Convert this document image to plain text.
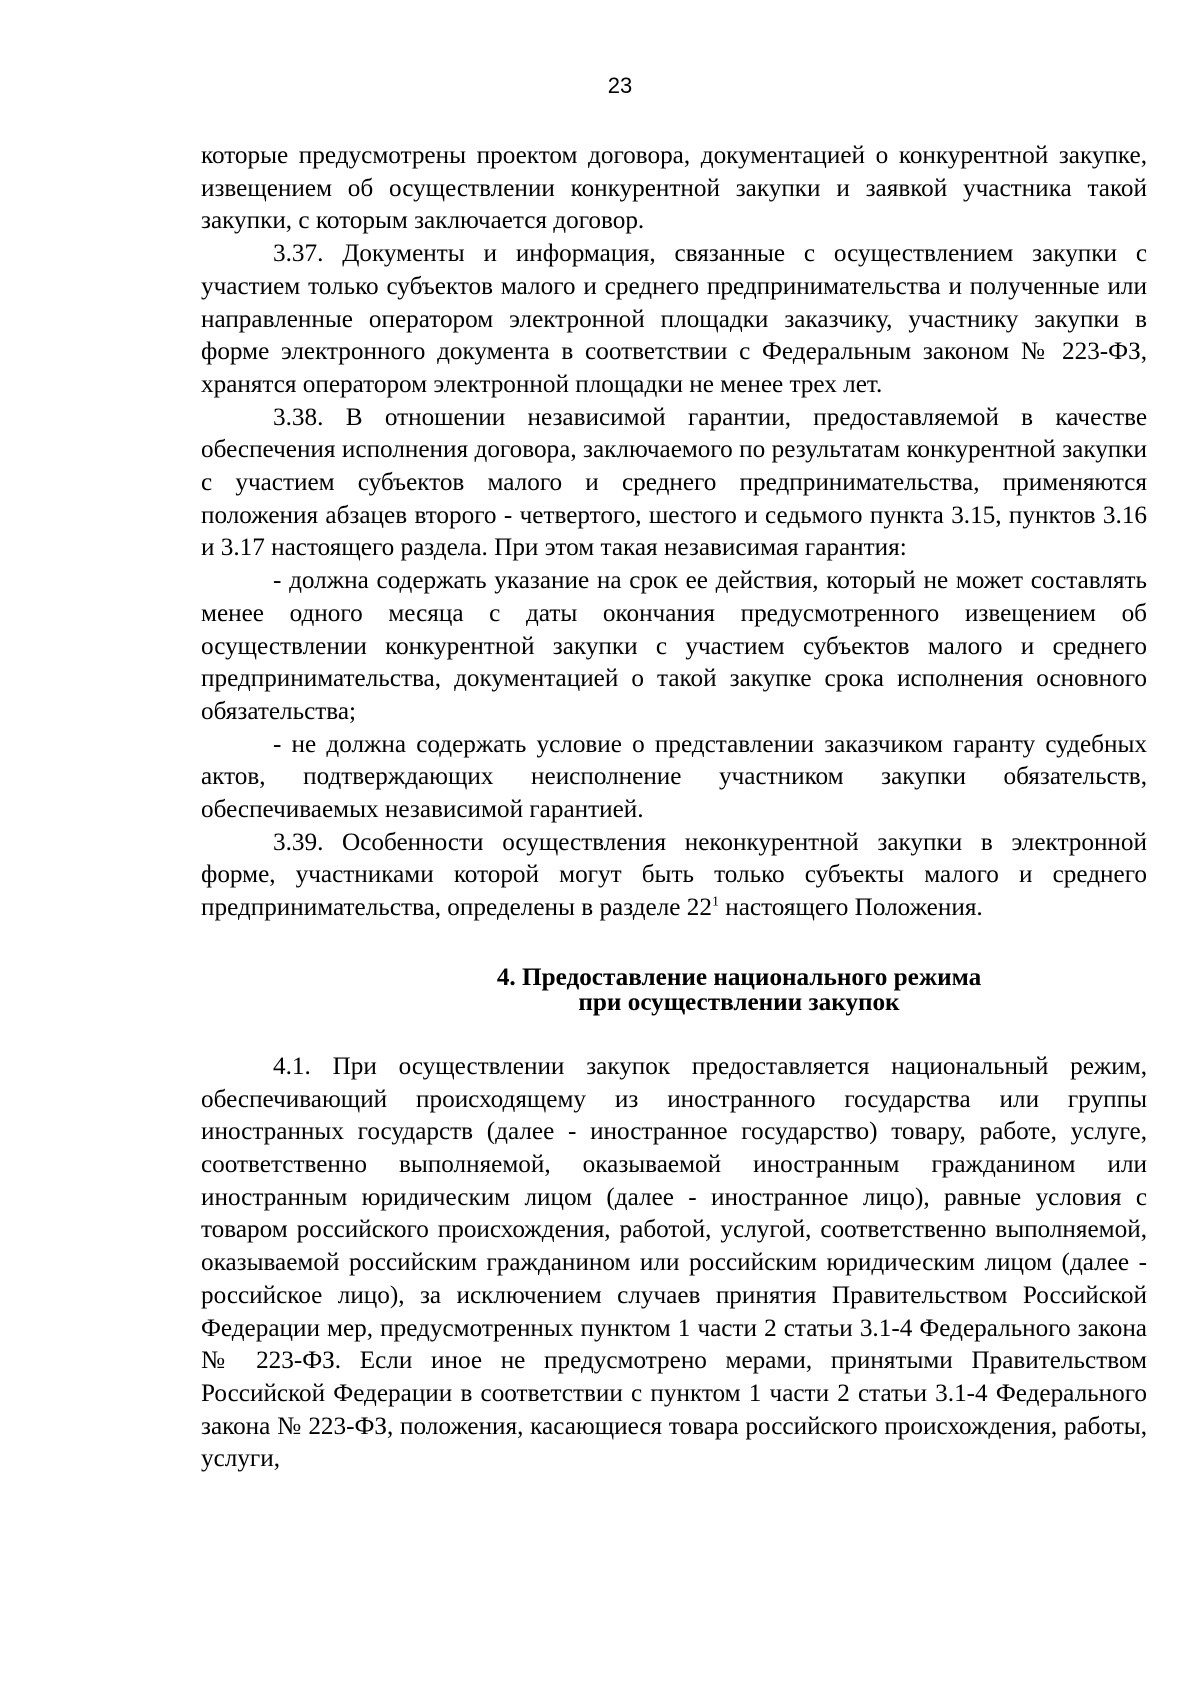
23

которые предусмотрены проектом договора, документацией о конкурентной закупке, извещением об осуществлении конкурентной закупки и заявкой участника такой закупки, с которым заключается договор.

3.37. Документы и информация, связанные с осуществлением закупки с участием только субъектов малого и среднего предпринимательства и полученные или направленные оператором электронной площадки заказчику, участнику закупки в форме электронного документа в соответствии с Федеральным законом № 223-ФЗ, хранятся оператором электронной площадки не менее трех лет.

3.38. В отношении независимой гарантии, предоставляемой в качестве обеспечения исполнения договора, заключаемого по результатам конкурентной закупки с участием субъектов малого и среднего предпринимательства, применяются положения абзацев второго - четвертого, шестого и седьмого пункта 3.15, пунктов 3.16 и 3.17 настоящего раздела. При этом такая независимая гарантия:

- должна содержать указание на срок ее действия, который не может составлять менее одного месяца с даты окончания предусмотренного извещением об осуществлении конкурентной закупки с участием субъектов малого и среднего предпринимательства, документацией о такой закупке срока исполнения основного обязательства;

- не должна содержать условие о представлении заказчиком гаранту судебных актов, подтверждающих неисполнение участником закупки обязательств, обеспечиваемых независимой гарантией.

3.39. Особенности осуществления неконкурентной закупки в электронной форме, участниками которой могут быть только субъекты малого и среднего предпринимательства, определены в разделе $22^1$ настоящего Положения.

4. Предоставление национального режима
при осуществлении закупок

4.1. При осуществлении закупок предоставляется национальный режим, обеспечивающий происходящему из иностранного государства или группы иностранных государств (далее - иностранное государство) товару, работе, услуге, соответственно выполняемой, оказываемой иностранным гражданином или иностранным юридическим лицом (далее - иностранное лицо), равные условия с товаром российского происхождения, работой, услугой, соответственно выполняемой, оказываемой российским гражданином или российским юридическим лицом (далее - российское лицо), за исключением случаев принятия Правительством Российской Федерации мер, предусмотренных пунктом 1 части 2 статьи 3.1-4 Федерального закона № 223-ФЗ. Если иное не предусмотрено мерами, принятыми Правительством Российской Федерации в соответствии с пунктом 1 части 2 статьи 3.1-4 Федерального закона № 223-ФЗ, положения, касающиеся товара российского происхождения, работы, услуги,
